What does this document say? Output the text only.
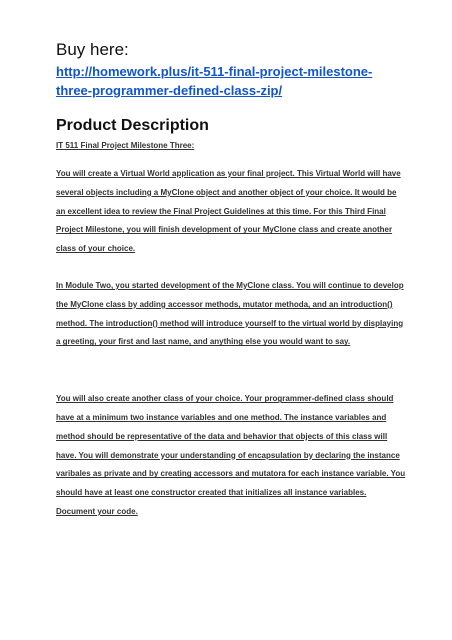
Buy here:
http://homework.plus/it-511-final-project-milestone-three-programmer-defined-class-zip/
Product Description
IT 511 Final Project Milestone Three:

You will create a Virtual World application as your final project. This Virtual World will have several objects including a MyClone object and another object of your choice. It would be an excellent idea to review the Final Project Guidelines at this time. For this Third Final Project Milestone, you will finish development of your MyClone class and create another class of your choice.

In Module Two, you started development of the MyClone class. You will continue to develop the MyClone class by adding accessor methods, mutator methoda, and an introduction() method. The introduction() method will introduce yourself to the virtual world by displaying a greeting, your first and last name, and anything else you would want to say.

You will also create another class of your choice. Your programmer-defined class should have at a minimum two instance variables and one method. The instance variables and method should be representative of the data and behavior that objects of this class will have. You will demonstrate your understanding of encapsulation by declaring the instance varibales as private and by creating accessors and mutatora for each instance variable. You should have at least one constructor created that initializes all instance variables. Document your code.
